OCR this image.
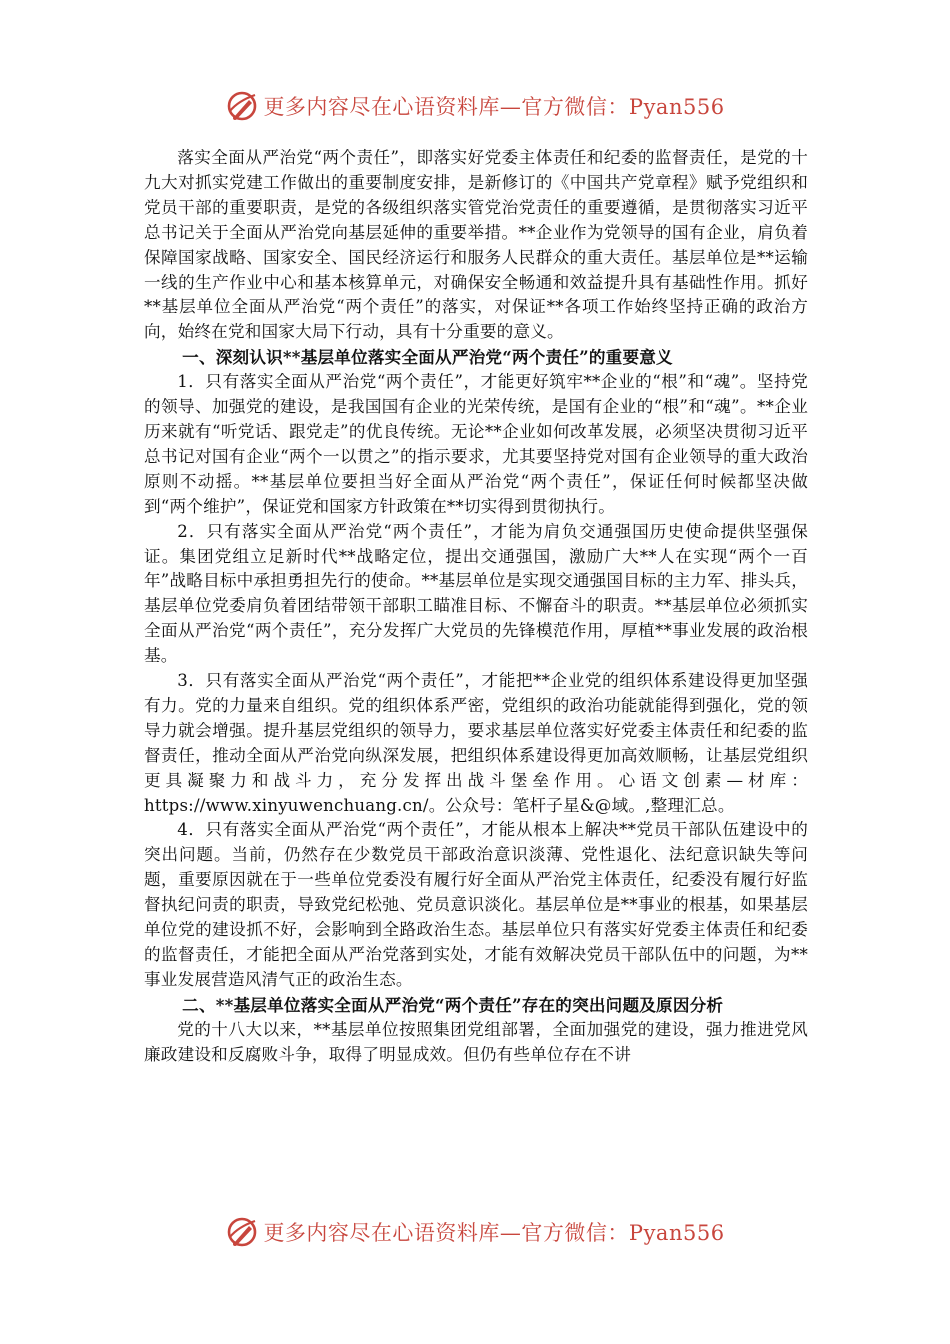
更多内容尽在心语资料库—官方微信：Pyan556

落实全面从严治党“两个责任”，即落实好党委主体责任和纪委的监督责任，是党的十九大对抓实党建工作做出的重要制度安排，是新修订的《中国共产党章程》赋予党组织和党员干部的重要职责，是党的各级组织落实管党治党责任的重要遵循，是贯彻落实习近平总书记关于全面从严治党向基层延伸的重要举措。**企业作为党领导的国有企业，肩负着保障国家战略、国家安全、国民经济运行和服务人民群众的重大责任。基层单位是**运输一线的生产作业中心和基本核算单元，对确保安全畅通和效益提升具有基础性作用。抓好**基层单位全面从严治党“两个责任”的落实，对保证**各项工作始终坚持正确的政治方向，始终在党和国家大局下行动，具有十分重要的意义。

一、深刻认识**基层单位落实全面从严治党“两个责任”的重要意义

1．只有落实全面从严治党“两个责任”，才能更好筑牢**企业的“根”和“魂”。坚持党的领导、加强党的建设，是我国国有企业的光荣传统，是国有企业的“根”和“魂”。**企业历来就有“听党话、跟党走”的优良传统。无论**企业如何改革发展，必须坚决贯彻习近平总书记对国有企业“两个一以贯之”的指示要求，尤其要坚持党对国有企业领导的重大政治原则不动摇。**基层单位要担当好全面从严治党“两个责任”，保证任何时候都坚决做到“两个维护”，保证党和国家方针政策在**切实得到贯彻执行。

2．只有落实全面从严治党“两个责任”，才能为肩负交通强国历史使命提供坚强保证。集团党组立足新时代**战略定位，提出交通强国，激励广大**人在实现“两个一百年”战略目标中承担勇担先行的使命。**基层单位是实现交通强国目标的主力军、排头兵，基层单位党委肩负着团结带领干部职工瞄准目标、不懈奋斗的职责。**基层单位必须抓实全面从严治党“两个责任”，充分发挥广大党员的先锋模范作用，厚植**事业发展的政治根基。

3．只有落实全面从严治党“两个责任”，才能把**企业党的组织体系建设得更加坚强有力。党的力量来自组织。党的组织体系严密，党组织的政治功能就能得到强化，党的领导力就会增强。提升基层党组织的领导力，要求基层单位落实好党委主体责任和纪委的监督责任，推动全面从严治党向纵深发展，把组织体系建设得更加高效顺畅，让基层党组织更具凝聚力和战斗力，充分发挥出战斗堡垒作用。心语文创素—材库：https://www.xinyuwenchuang.cn/。公众号：笔杆子星&@域。,整理汇总。

4．只有落实全面从严治党“两个责任”，才能从根本上解决**党员干部队伍建设中的突出问题。当前，仍然存在少数党员干部政治意识淡薄、党性退化、法纪意识缺失等问题，重要原因就在于一些单位党委没有履行好全面从严治党主体责任，纪委没有履行好监督执纪问责的职责，导致党纪松弛、党员意识淡化。基层单位是**事业的根基，如果基层单位党的建设抓不好，会影响到全路政治生态。基层单位只有落实好党委主体责任和纪委的监督责任，才能把全面从严治党落到实处，才能有效解决党员干部队伍中的问题，为**事业发展营造风清气正的政治生态。

二、**基层单位落实全面从严治党“两个责任”存在的突出问题及原因分析

党的十八大以来，**基层单位按照集团党组部署，全面加强党的建设，强力推进党风廉政建设和反腐败斗争，取得了明显成效。但仍有些单位存在不讲

更多内容尽在心语资料库—官方微信：Pyan556
